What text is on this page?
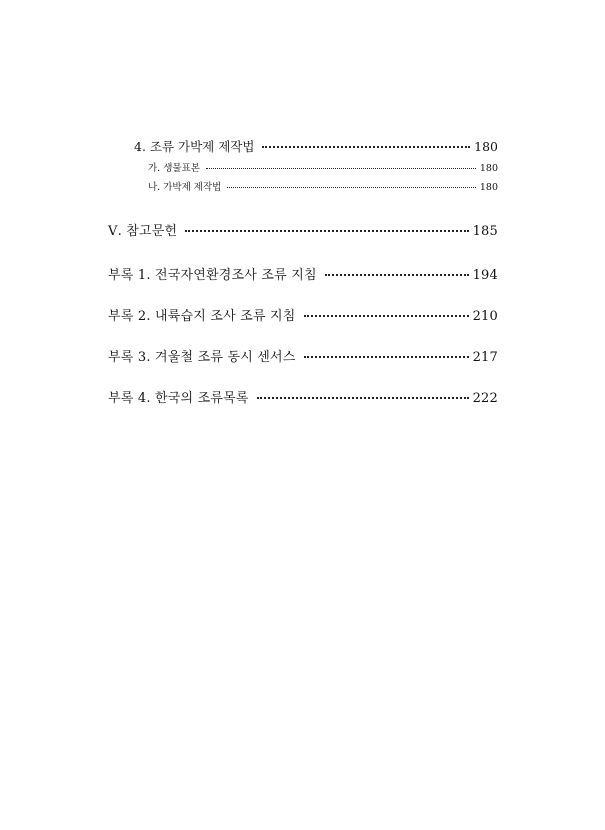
4. 조류 가박제 제작법	180
가. 생물표본	180
나. 가박제 제작법	180
Ⅴ. 참고문헌	185
부록 1. 전국자연환경조사 조류 지침	194
부록 2. 내륙습지 조사 조류 지침	210
부록 3. 겨울철 조류 동시 센서스	217
부록 4. 한국의 조류목록	222
